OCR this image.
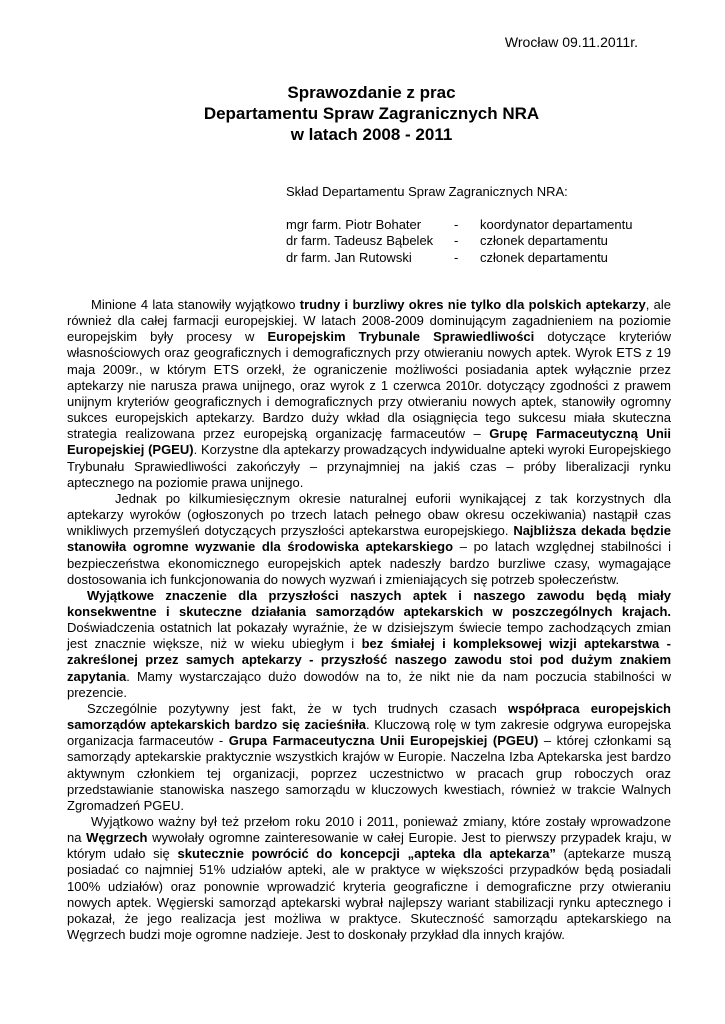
Wrocław 09.11.2011r.
Sprawozdanie z prac
Departamentu Spraw Zagranicznych NRA
w latach 2008 - 2011
Skład Departamentu Spraw Zagranicznych NRA:
mgr farm. Piotr Bohater	-	koordynator departamentu
dr farm. Tadeusz Bąbelek	-	członek departamentu
dr farm. Jan Rutowski	-	członek departamentu

Minione 4 lata stanowiły wyjątkowo trudny i burzliwy okres nie tylko dla polskich aptekarzy, ale również dla całej farmacji europejskiej. W latach 2008-2009 dominującym zagadnieniem na poziomie europejskim były procesy w Europejskim Trybunale Sprawiedliwości dotyczące kryteriów własnościowych oraz geograficznych i demograficznych przy otwieraniu nowych aptek. Wyrok ETS z 19 maja 2009r., w którym ETS orzekł, że ograniczenie możliwości posiadania aptek wyłącznie przez aptekarzy nie narusza prawa unijnego, oraz wyrok z 1 czerwca 2010r. dotyczący zgodności z prawem unijnym kryteriów geograficznych i demograficznych przy otwieraniu nowych aptek, stanowiły ogromny sukces europejskich aptekarzy. Bardzo duży wkład dla osiągnięcia tego sukcesu miała skuteczna strategia realizowana przez europejską organizację farmaceutów – Grupę Farmaceutyczną Unii Europejskiej (PGEU). Korzystne dla aptekarzy prowadzących indywidualne apteki wyroki Europejskiego Trybunału Sprawiedliwości zakończyły – przynajmniej na jakiś czas – próby liberalizacji rynku aptecznego na poziomie prawa unijnego.

Jednak po kilkumiesięcznym okresie naturalnej euforii wynikającej z tak korzystnych dla aptekarzy wyroków (ogłoszonych po trzech latach pełnego obaw okresu oczekiwania) nastąpił czas wnikliwych przemyśleń dotyczących przyszłości aptekarstwa europejskiego. Najbliższa dekada będzie stanowiła ogromne wyzwanie dla środowiska aptekarskiego – po latach względnej stabilności i bezpieczeństwa ekonomicznego europejskich aptek nadeszły bardzo burzliwe czasy, wymagające dostosowania ich funkcjonowania do nowych wyzwań i zmieniających się potrzeb społeczeństw.

Wyjątkowe znaczenie dla przyszłości naszych aptek i naszego zawodu będą miały konsekwentne i skuteczne działania samorządów aptekarskich w poszczególnych krajach. Doświadczenia ostatnich lat pokazały wyraźnie, że w dzisiejszym świecie tempo zachodzących zmian jest znacznie większe, niż w wieku ubiegłym i bez śmiałej i kompleksowej wizji aptekarstwa - zakreślonej przez samych aptekarzy - przyszłość naszego zawodu stoi pod dużym znakiem zapytania. Mamy wystarczająco dużo dowodów na to, że nikt nie da nam poczucia stabilności w prezencie.

Szczególnie pozytywny jest fakt, że w tych trudnych czasach współpraca europejskich samorządów aptekarskich bardzo się zacieśniła. Kluczową rolę w tym zakresie odgrywa europejska organizacja farmaceutów - Grupa Farmaceutyczna Unii Europejskiej (PGEU) – której członkami są samorządy aptekarskie praktycznie wszystkich krajów w Europie. Naczelna Izba Aptekarska jest bardzo aktywnym członkiem tej organizacji, poprzez uczestnictwo w pracach grup roboczych oraz przedstawianie stanowiska naszego samorządu w kluczowych kwestiach, również w trakcie Walnych Zgromadzeń PGEU.

Wyjątkowo ważny był też przełom roku 2010 i 2011, ponieważ zmiany, które zostały wprowadzone na Węgrzech wywołały ogromne zainteresowanie w całej Europie. Jest to pierwszy przypadek kraju, w którym udało się skutecznie powrócić do koncepcji „apteka dla aptekarza” (aptekarze muszą posiadać co najmniej 51% udziałów apteki, ale w praktyce w większości przypadków będą posiadali 100% udziałów) oraz ponownie wprowadzić kryteria geograficzne i demograficzne przy otwieraniu nowych aptek. Węgierski samorząd aptekarski wybrał najlepszy wariant stabilizacji rynku aptecznego i pokazał, że jego realizacja jest możliwa w praktyce. Skuteczność samorządu aptekarskiego na Węgrzech budzi moje ogromne nadzieje. Jest to doskonały przykład dla innych krajów.
